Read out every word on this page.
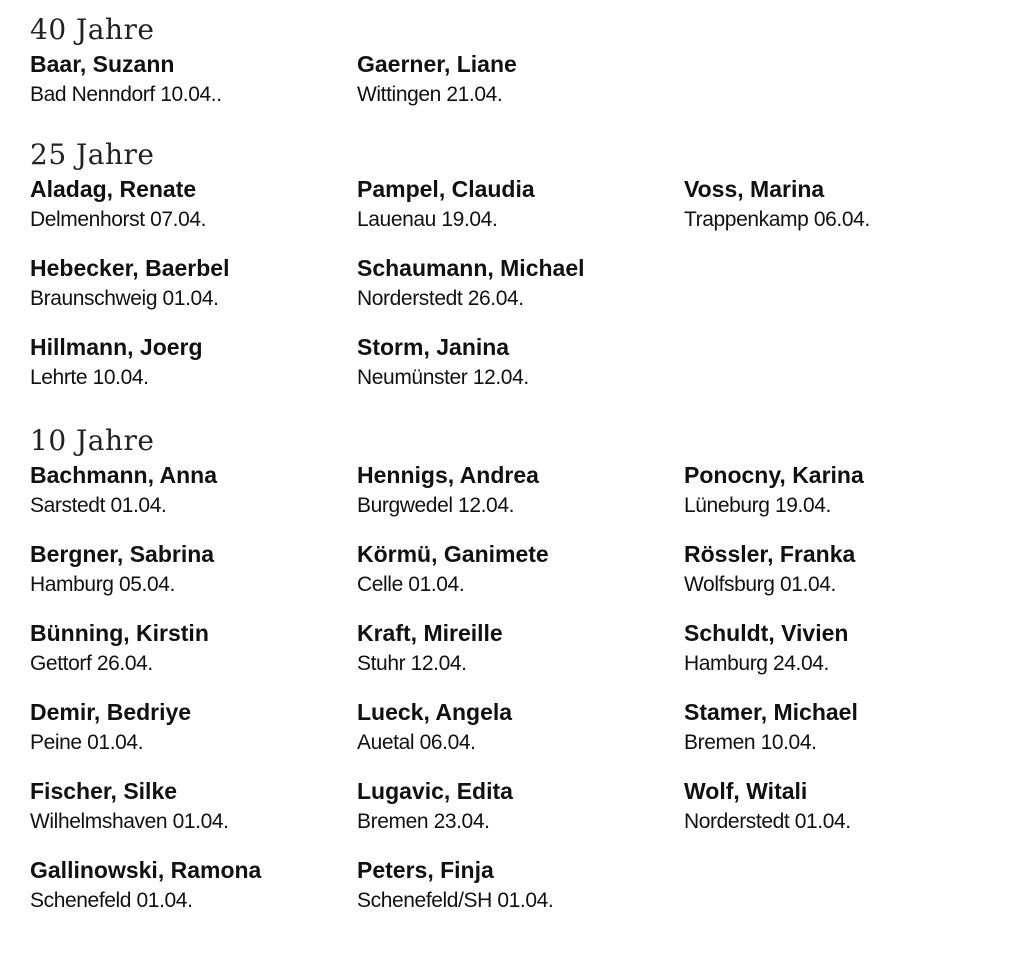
40 Jahre
Baar, Suzann
Bad Nenndorf 10.04..
Gaerner, Liane
Wittingen 21.04.
25 Jahre
Aladag, Renate
Delmenhorst 07.04.
Pampel, Claudia
Lauenau 19.04.
Voss, Marina
Trappenkamp 06.04.
Hebecker, Baerbel
Braunschweig 01.04.
Schaumann, Michael
Norderstedt 26.04.
Hillmann, Joerg
Lehrte 10.04.
Storm, Janina
Neumünster 12.04.
10 Jahre
Bachmann, Anna
Sarstedt 01.04.
Hennigs, Andrea
Burgwedel 12.04.
Ponocny, Karina
Lüneburg 19.04.
Bergner, Sabrina
Hamburg 05.04.
Körmü, Ganimete
Celle 01.04.
Rössler, Franka
Wolfsburg 01.04.
Bünning, Kirstin
Gettorf 26.04.
Kraft, Mireille
Stuhr 12.04.
Schuldt, Vivien
Hamburg 24.04.
Demir, Bedriye
Peine 01.04.
Lueck, Angela
Auetal 06.04.
Stamer, Michael
Bremen 10.04.
Fischer, Silke
Wilhelmshaven 01.04.
Lugavic, Edita
Bremen 23.04.
Wolf, Witali
Norderstedt 01.04.
Gallinowski, Ramona
Schenefeld 01.04.
Peters, Finja
Schenefeld/SH 01.04.
